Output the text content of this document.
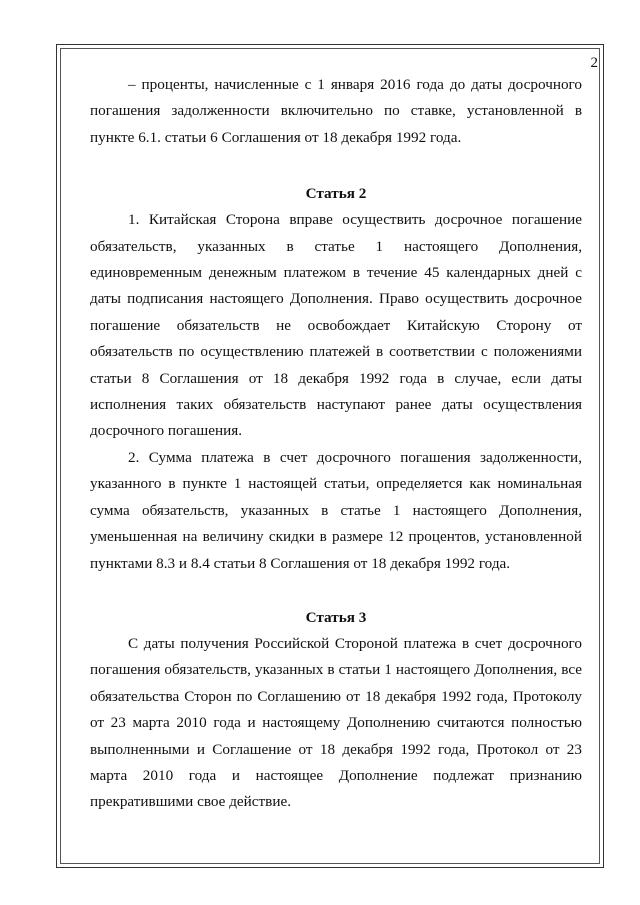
2

– проценты, начисленные с 1 января 2016 года до даты досрочного погашения задолженности включительно по ставке, установленной в пункте 6.1. статьи 6 Соглашения от 18 декабря 1992 года.

Статья 2

1. Китайская Сторона вправе осуществить досрочное погашение обязательств, указанных в статье 1 настоящего Дополнения, единовременным денежным платежом в течение 45 календарных дней с даты подписания настоящего Дополнения. Право осуществить досрочное погашение обязательств не освобождает Китайскую Сторону от обязательств по осуществлению платежей в соответствии с положениями статьи 8 Соглашения от 18 декабря 1992 года в случае, если даты исполнения таких обязательств наступают ранее даты осуществления досрочного погашения.

2. Сумма платежа в счет досрочного погашения задолженности, указанного в пункте 1 настоящей статьи, определяется как номинальная сумма обязательств, указанных в статье 1 настоящего Дополнения, уменьшенная на величину скидки в размере 12 процентов, установленной пунктами 8.3 и 8.4 статьи 8 Соглашения от 18 декабря 1992 года.

Статья 3

С даты получения Российской Стороной платежа в счет досрочного погашения обязательств, указанных в статьи 1 настоящего Дополнения, все обязательства Сторон по Соглашению от 18 декабря 1992 года, Протоколу от 23 марта 2010 года и настоящему Дополнению считаются полностью выполненными и Соглашение от 18 декабря 1992 года, Протокол от 23 марта 2010 года и настоящее Дополнение подлежат признанию прекратившими свое действие.
